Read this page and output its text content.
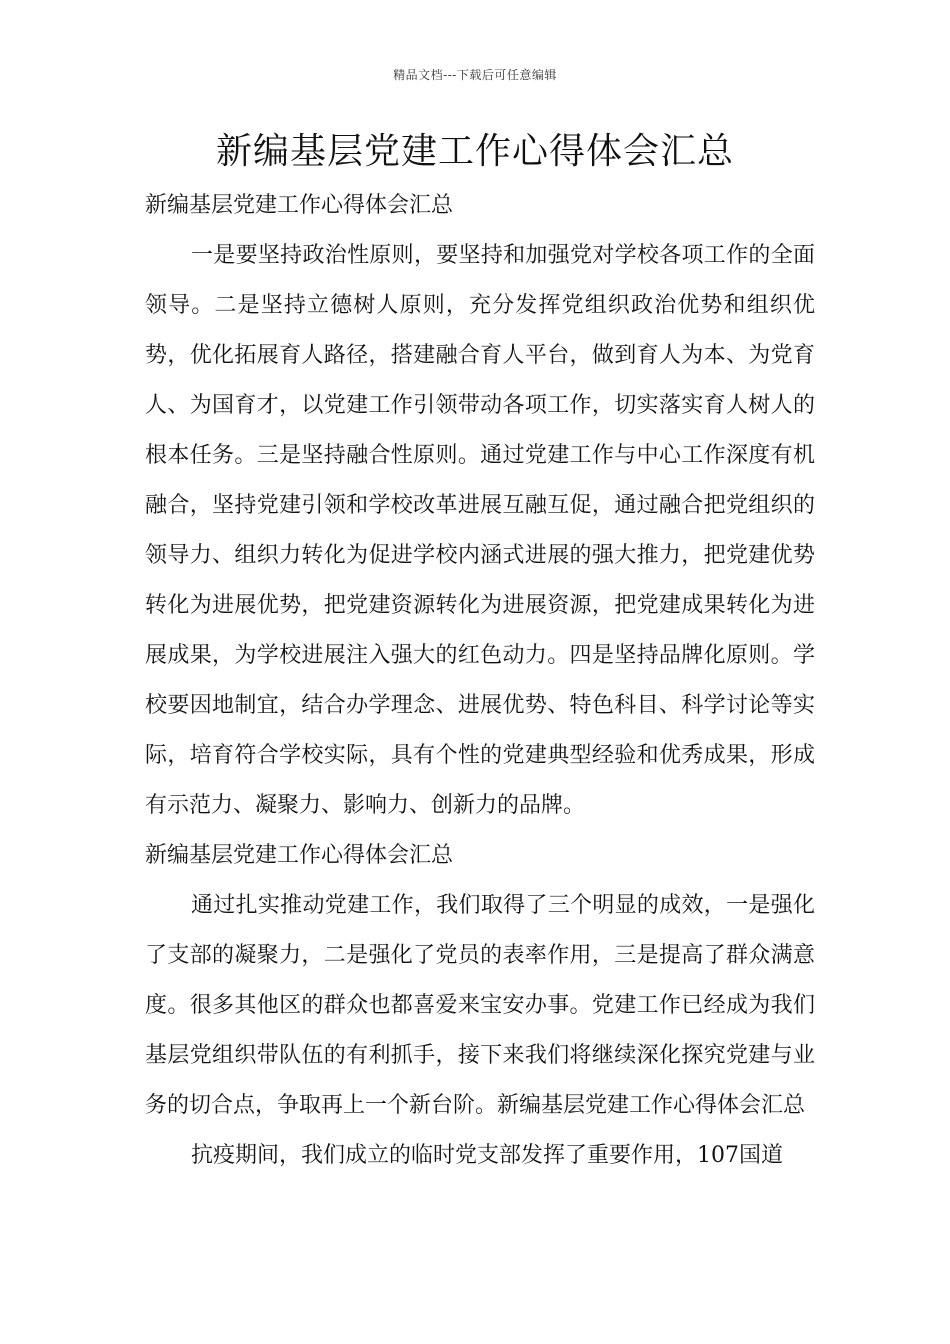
精品文档---下载后可任意编辑
新编基层党建工作心得体会汇总

新编基层党建工作心得体会汇总

一是要坚持政治性原则，要坚持和加强党对学校各项工作的全面领导。二是坚持立德树人原则，充分发挥党组织政治优势和组织优势，优化拓展育人路径，搭建融合育人平台，做到育人为本、为党育人、为国育才，以党建工作引领带动各项工作，切实落实育人树人的根本任务。三是坚持融合性原则。通过党建工作与中心工作深度有机融合，坚持党建引领和学校改革进展互融互促，通过融合把党组织的领导力、组织力转化为促进学校内涵式进展的强大推力，把党建优势转化为进展优势，把党建资源转化为进展资源，把党建成果转化为进展成果，为学校进展注入强大的红色动力。四是坚持品牌化原则。学校要因地制宜，结合办学理念、进展优势、特色科目、科学讨论等实际，培育符合学校实际，具有个性的党建典型经验和优秀成果，形成有示范力、凝聚力、影响力、创新力的品牌。

新编基层党建工作心得体会汇总

通过扎实推动党建工作，我们取得了三个明显的成效，一是强化了支部的凝聚力，二是强化了党员的表率作用，三是提高了群众满意度。很多其他区的群众也都喜爱来宝安办事。党建工作已经成为我们基层党组织带队伍的有利抓手，接下来我们将继续深化探究党建与业务的切合点，争取再上一个新台阶。新编基层党建工作心得体会汇总

抗疫期间，我们成立的临时党支部发挥了重要作用，107国道
